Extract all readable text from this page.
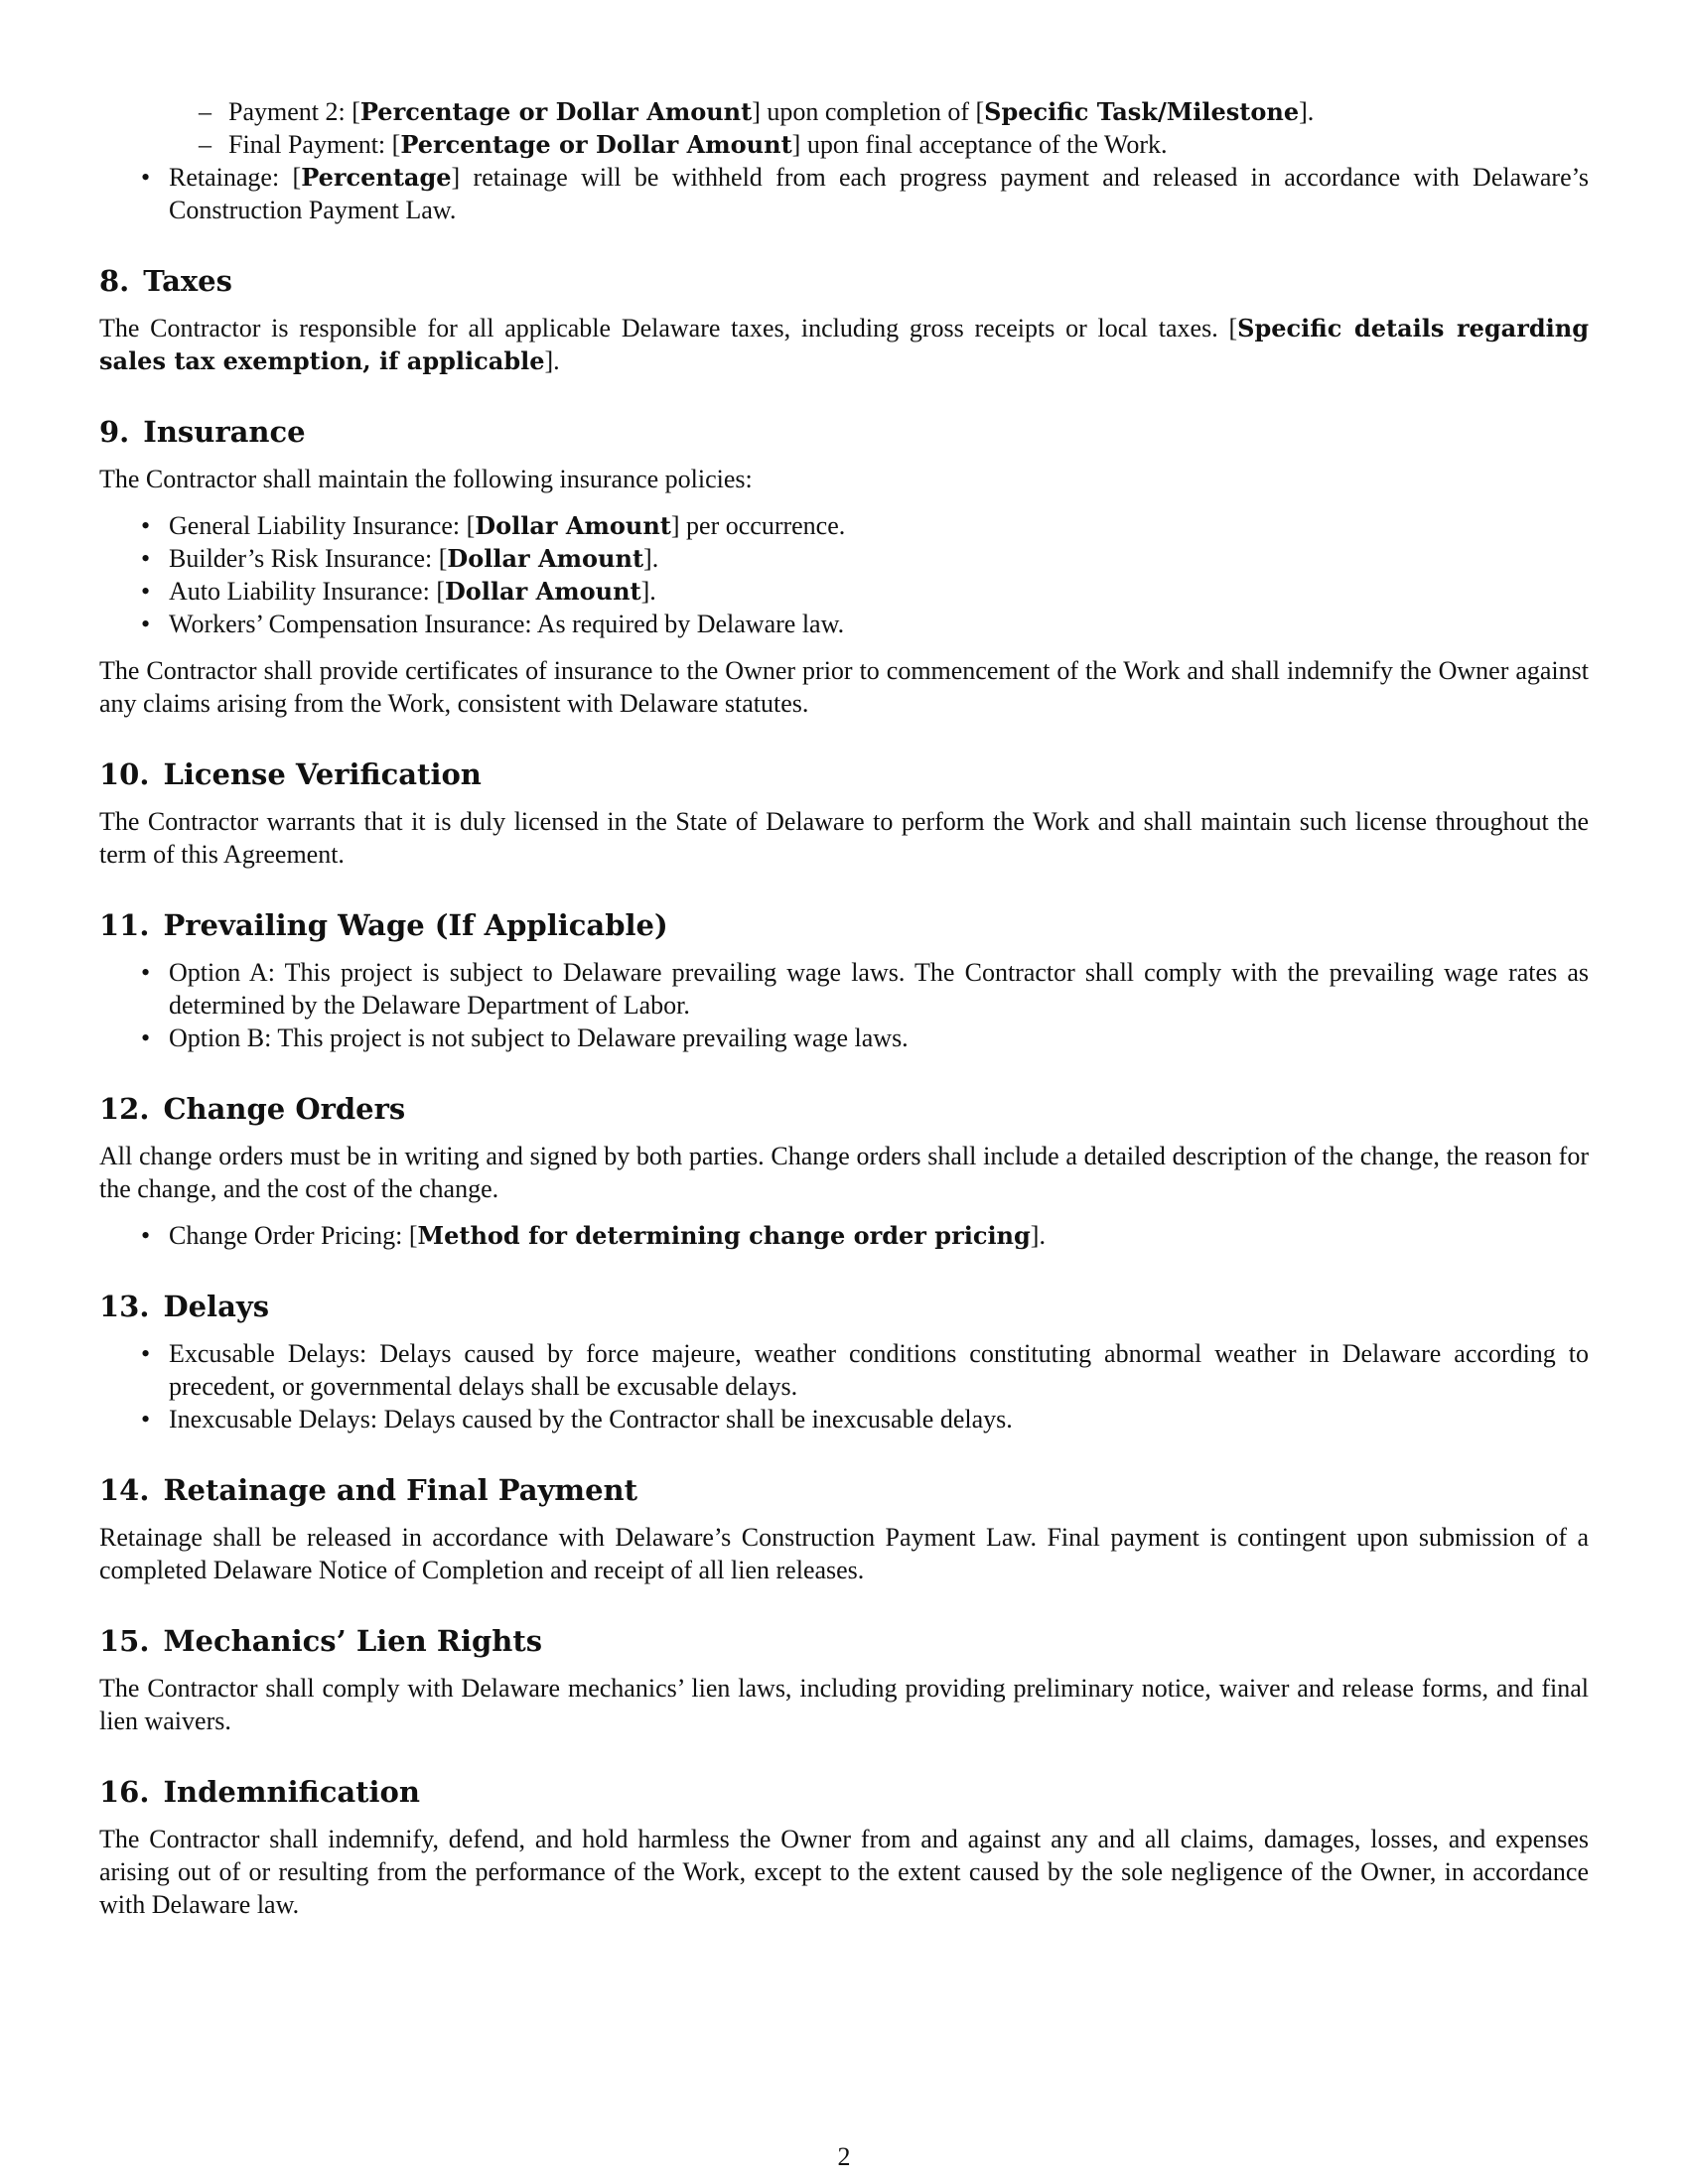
– Payment 2: [Percentage or Dollar Amount] upon completion of [Specific Task/Milestone].
– Final Payment: [Percentage or Dollar Amount] upon final acceptance of the Work.
• Retainage: [Percentage] retainage will be withheld from each progress payment and released in accordance with Delaware’s Construction Payment Law.
8. Taxes

The Contractor is responsible for all applicable Delaware taxes, including gross receipts or local taxes. [Specific details regarding sales tax exemption, if applicable].

9. Insurance

The Contractor shall maintain the following insurance policies:

• General Liability Insurance: [Dollar Amount] per occurrence.
• Builder’s Risk Insurance: [Dollar Amount].
• Auto Liability Insurance: [Dollar Amount].
• Workers’ Compensation Insurance: As required by Delaware law.

The Contractor shall provide certificates of insurance to the Owner prior to commencement of the Work and shall indemnify the Owner against any claims arising from the Work, consistent with Delaware statutes.

10. License Verification

The Contractor warrants that it is duly licensed in the State of Delaware to perform the Work and shall maintain such license throughout the term of this Agreement.

11. Prevailing Wage (If Applicable)
• Option A: This project is subject to Delaware prevailing wage laws. The Contractor shall comply with the prevailing wage rates as determined by the Delaware Department of Labor.
• Option B: This project is not subject to Delaware prevailing wage laws.
12. Change Orders

All change orders must be in writing and signed by both parties. Change orders shall include a detailed description of the change, the reason for the change, and the cost of the change.

• Change Order Pricing: [Method for determining change order pricing].
13. Delays
• Excusable Delays: Delays caused by force majeure, weather conditions constituting abnormal weather in Delaware according to precedent, or governmental delays shall be excusable delays.
• Inexcusable Delays: Delays caused by the Contractor shall be inexcusable delays.
14. Retainage and Final Payment

Retainage shall be released in accordance with Delaware’s Construction Payment Law. Final payment is contingent upon submission of a completed Delaware Notice of Completion and receipt of all lien releases.

15. Mechanics’ Lien Rights

The Contractor shall comply with Delaware mechanics’ lien laws, including providing preliminary notice, waiver and release forms, and final lien waivers.

16. Indemnification

The Contractor shall indemnify, defend, and hold harmless the Owner from and against any and all claims, damages, losses, and expenses arising out of or resulting from the performance of the Work, except to the extent caused by the sole negligence of the Owner, in accordance with Delaware law.

2
